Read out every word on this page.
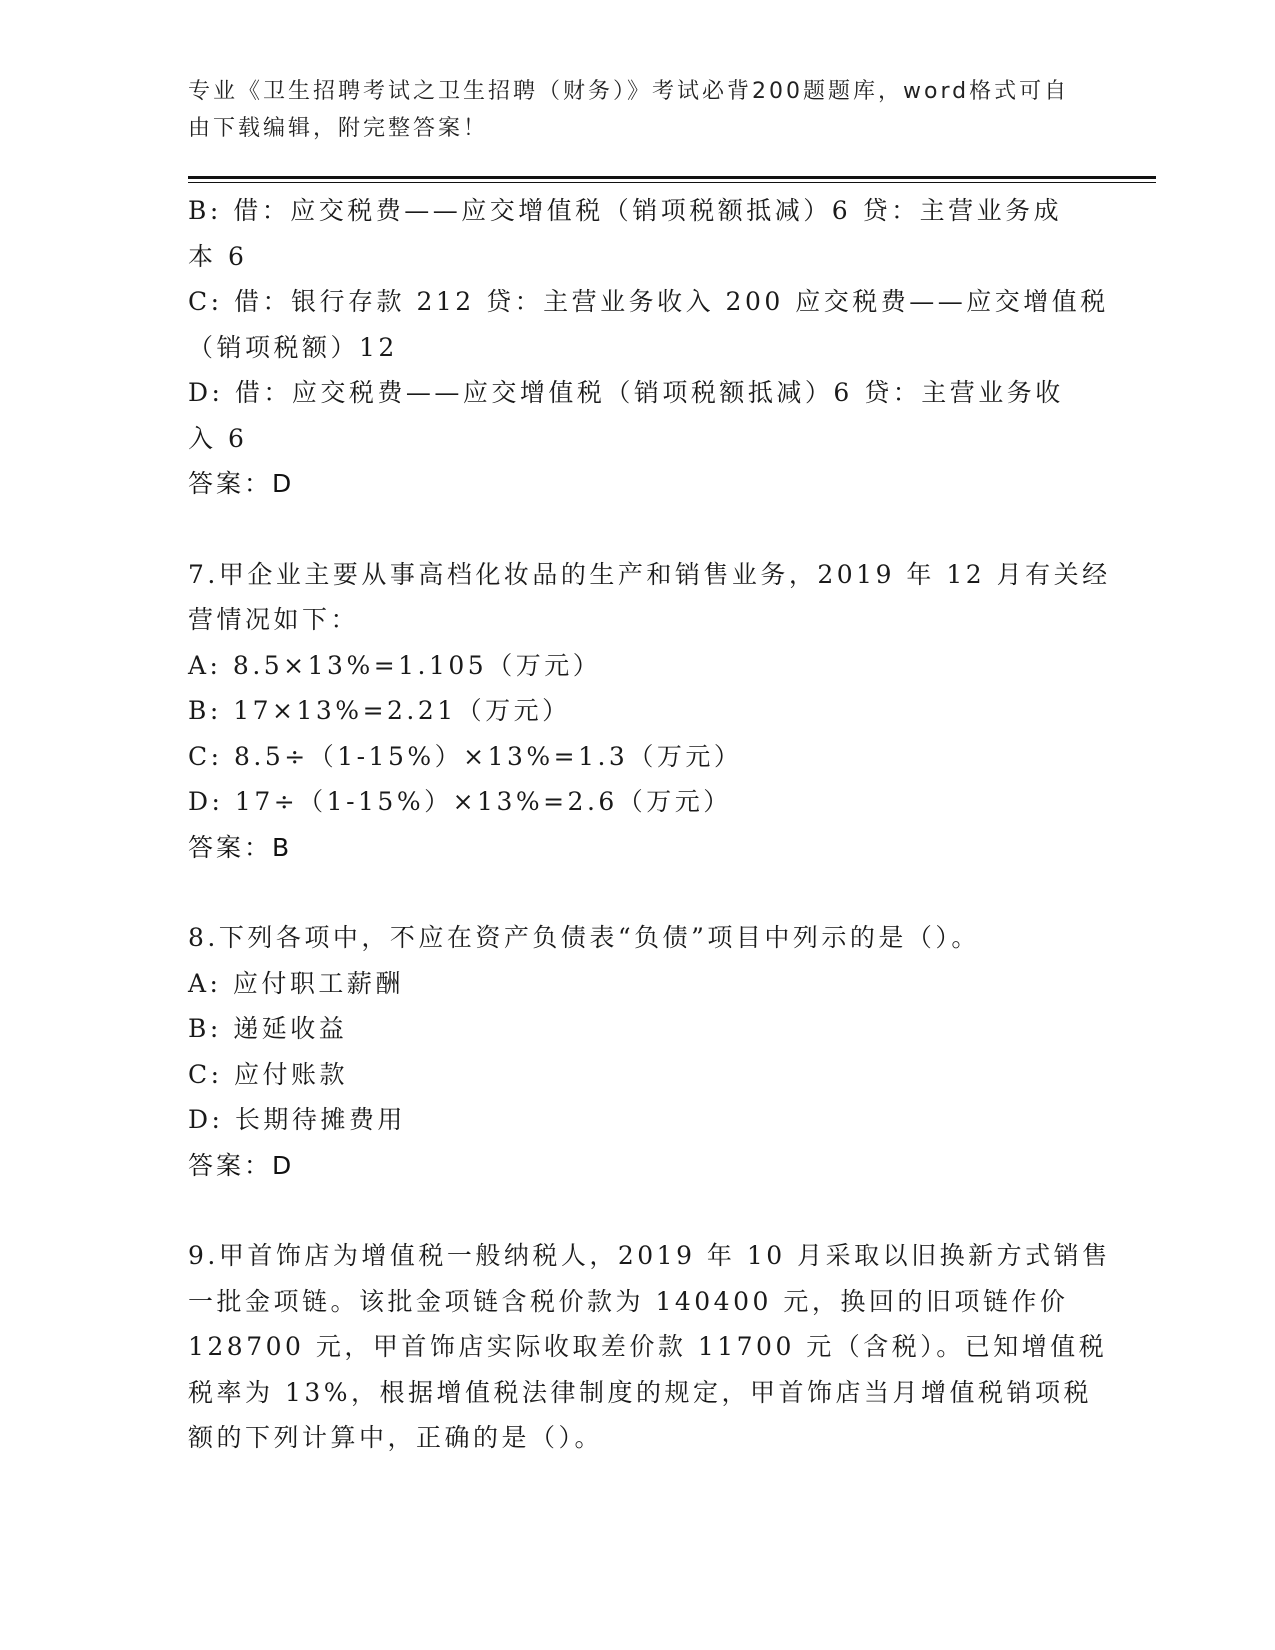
专业《卫生招聘考试之卫生招聘（财务）》考试必背200题题库，word格式可自
由下载编辑，附完整答案！
B: 借：应交税费——应交增值税（销项税额抵减）6 贷：主营业务成
本 6
C: 借：银行存款 212 贷：主营业务收入 200 应交税费——应交增值税
（销项税额）12
D: 借：应交税费——应交增值税（销项税额抵减）6 贷：主营业务收
入 6
答案：D
7.甲企业主要从事高档化妆品的生产和销售业务，2019 年 12 月有关经
营情况如下：
A: 8.5×13%=1.105（万元）
B: 17×13%=2.21（万元）
C: 8.5÷（1-15%）×13%=1.3（万元）
D: 17÷（1-15%）×13%=2.6（万元）
答案：B
8.下列各项中，不应在资产负债表“负债”项目中列示的是（）。
A: 应付职工薪酬
B: 递延收益
C: 应付账款
D: 长期待摊费用
答案：D
9.甲首饰店为增值税一般纳税人，2019 年 10 月采取以旧换新方式销售
一批金项链。该批金项链含税价款为 140400 元，换回的旧项链作价
128700 元，甲首饰店实际收取差价款 11700 元（含税）。已知增值税
税率为 13%，根据增值税法律制度的规定，甲首饰店当月增值税销项税
额的下列计算中，正确的是（）。
